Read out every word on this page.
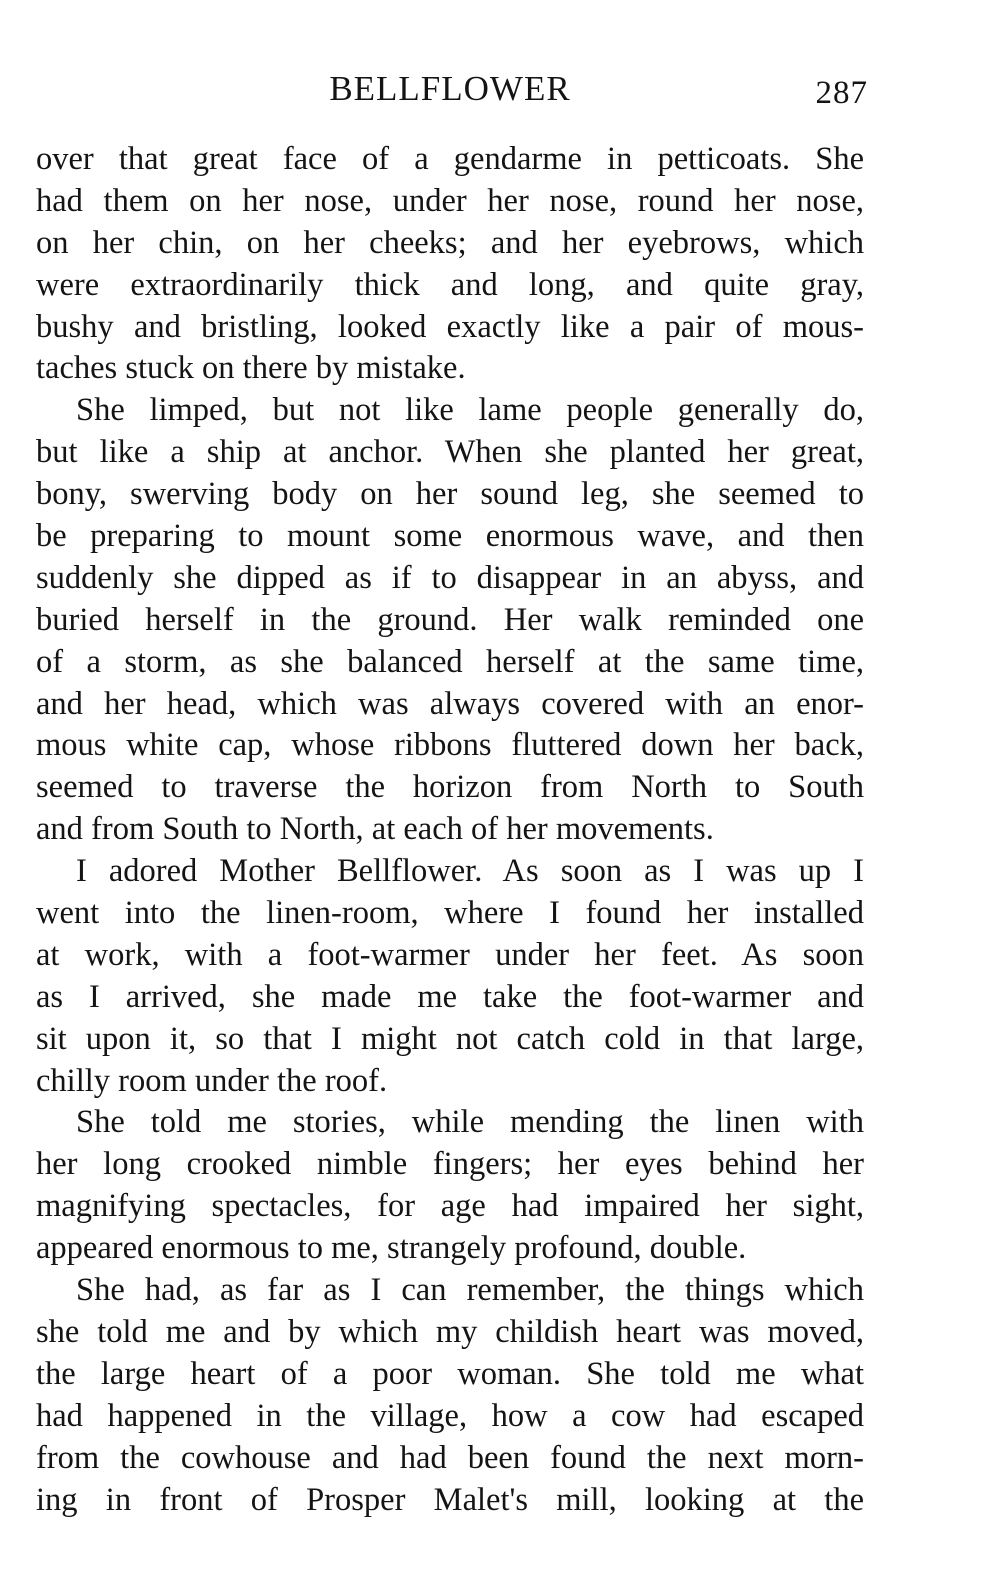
BELLFLOWER	287
over that great face of a gendarme in petticoats. She
had them on her nose, under her nose, round her nose,
on her chin, on her cheeks; and her eyebrows, which
were extraordinarily thick and long, and quite gray,
bushy and bristling, looked exactly like a pair of mous-
taches stuck on there by mistake.
She limped, but not like lame people generally do,
but like a ship at anchor. When she planted her great,
bony, swerving body on her sound leg, she seemed to
be preparing to mount some enormous wave, and then
suddenly she dipped as if to disappear in an abyss, and
buried herself in the ground. Her walk reminded one
of a storm, as she balanced herself at the same time,
and her head, which was always covered with an enor-
mous white cap, whose ribbons fluttered down her back,
seemed to traverse the horizon from North to South
and from South to North, at each of her movements.
I adored Mother Bellflower. As soon as I was up I
went into the linen-room, where I found her installed
at work, with a foot-warmer under her feet. As soon
as I arrived, she made me take the foot-warmer and
sit upon it, so that I might not catch cold in that large,
chilly room under the roof.
She told me stories, while mending the linen with
her long crooked nimble fingers; her eyes behind her
magnifying spectacles, for age had impaired her sight,
appeared enormous to me, strangely profound, double.
She had, as far as I can remember, the things which
she told me and by which my childish heart was moved,
the large heart of a poor woman. She told me what
had happened in the village, how a cow had escaped
from the cowhouse and had been found the next morn-
ing in front of Prosper Malet's mill, looking at the
